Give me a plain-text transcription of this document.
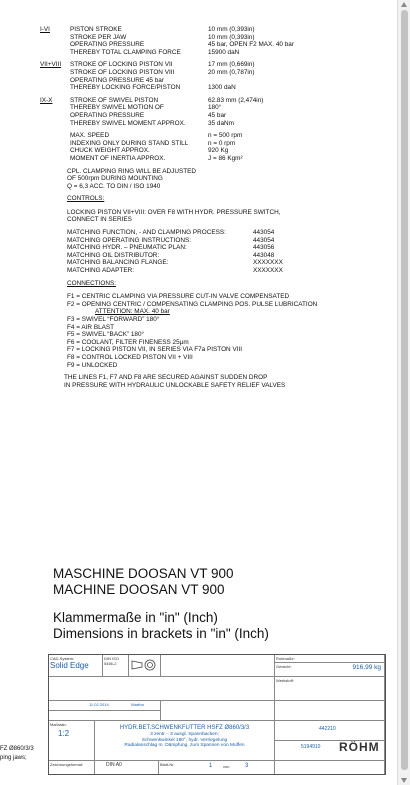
I-VI	PISTON STROKE	10 mm (0,393in)
STROKE PER JAW	10 mm (0,393in)
OPERATING PRESSURE	45 bar, OPEN F2 MAX. 40 bar
THEREBY TOTAL CLAMPING FORCE	15900 daN
VII+VIII STROKE OF LOCKING PISTON VII	17 mm (0,669in)
STROKE OF LOCKING PISTON VIII	20 mm (0,787in)
OPERATING PRESSURE 45 bar
THEREBY LOCKING FORCE/PISTON	1300 daN
IX-X	STROKE OF SWIVEL PISTON	62.83 mm (2,474in)
THEREBY SWIVEL MOTION OF	180°
OPERATING PRESSURE	45 bar
THEREBY SWIVEL MOMENT APPROX.	35 daNm
MAX. SPEED	n = 500 rpm
INDEXING ONLY DURING STAND STILL	n = 0 rpm
CHUCK WEIGHT APPROX.	920 Kg
MOMENT OF INERTIA APPROX.	J = 86 Kgm²
CPL. CLAMPING RING WILL BE ADJUSTED
OF 500rpm DURING MOUNTING
Q = 6,3 ACC. TO DIN / ISO 1940
CONTROLS:
LOCKING PISTON VII+VIII: OVER F8 WITH HYDR. PRESSURE SWITCH,
CONNECT IN SERIES
MATCHING FUNCTION, - AND CLAMPING PROCESS:	443054
MATCHING OPERATING INSTRUCTIONS:	443054
MATCHING HYDR. – PNEUMATIC PLAN:	443056
MATCHING OIL DISTRIBUTOR:	443048
MATCHING BALANCING FLANGE:	XXXXXXX
MATCHING ADAPTER:	XXXXXXX
CONNECTIONS:
F1 = CENTRIC CLAMPING VIA PRESSURE CUT-IN VALVE COMPENSATED
F2 = OPENING CENTRIC / COMPENSATING CLAMPING POS. PULSE LUBRICATION
ATTENTION: MAX. 40 bar
F3 = SWIVEL “FORWARD” 180°
F4 = AIR BLAST
F5 = SWIVEL “BACK” 180°
F6 = COOLANT, FILTER FINENESS 25µm
F7 = LOCKING PISTON VII, IN SERIES VIA F7a PISTON VIII
F8 = CONTROL LOCKED PISTON VII + VIII
F9 = UNLOCKED
THE LINES F1, F7 AND F8 ARE SECURED AGAINST SUDDEN DROP
IN PRESSURE WITH HYDRAULIC UNLOCKABLE SAFETY RELIEF VALVES
MASCHINE DOOSAN VT 900
MACHINE DOOSAN VT 900
Klammermaße in "in" (Inch)
Dimensions in brackets in "in" (Inch)
CAD-System:
Solid Edge
DIN ISO 5456-2
Rohmaße:
Gewicht:	916,99 kg
Werkstoff:
11.02.2014	Wartha
Maßstab:
1:2
HYDR.BET.SCHWENKFUTTER HSFZ Ø860/3/3
3 zentr. - 3 ausgl. Spannbacken;
Schwenkwinkel 180°, hydr. Verriegelung
Radialanschlag m. Dämpfung, zum Spannen von Muffen
442210
5194910 RÖHM
Zeichnungsformat:	DIN A0	Blatt-Nr.	1	von	3
FZ Ø860/3/3
ping jaws;
